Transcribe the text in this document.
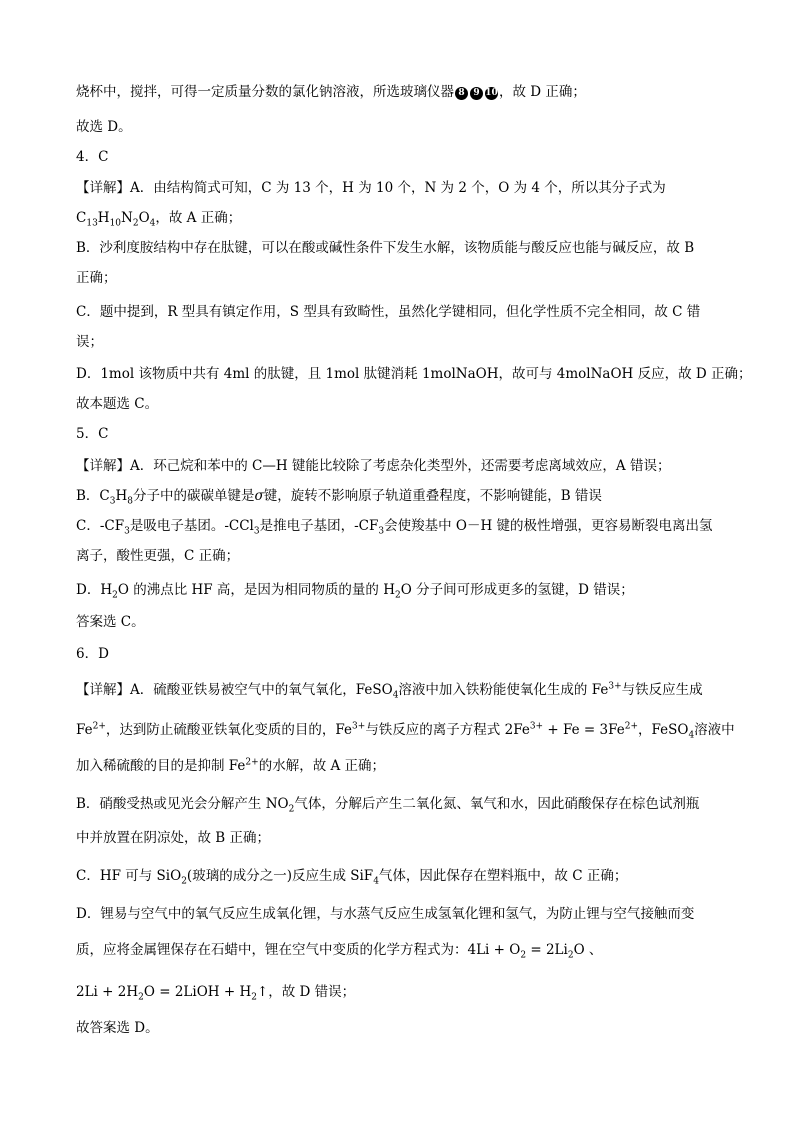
烧杯中，搅拌，可得一定质量分数的氯化钠溶液，所选玻璃仪器 8 9 10，故 D 正确；
故选 D。
4．C
【详解】A．由结构简式可知，C 为 13 个，H 为 10 个，N 为 2 个，O 为 4 个，所以其分子式为
$C_{13}H_{10}N_2O_4$，故 A 正确；
B．沙利度胺结构中存在肽键，可以在酸或碱性条件下发生水解，该物质能与酸反应也能与碱反应，故 B
正确；
C．题中提到，R 型具有镇定作用，S 型具有致畸性，虽然化学键相同，但化学性质不完全相同，故 C 错
误；
D．1mol 该物质中共有 4ml 的肽键，且 1mol 肽键消耗 1molNaOH，故可与 4molNaOH 反应，故 D 正确；
故本题选 C。
5．C
【详解】A．环己烷和苯中的 C—H 键能比较除了考虑杂化类型外，还需要考虑离域效应，A 错误；
B．$C_3H_8$分子中的碳碳单键是σ键，旋转不影响原子轨道重叠程度，不影响键能，B 错误
C．$-CF_3$是吸电子基团。-CCl$_3$是推电子基团，$-CF_3$会使羧基中 O－H 键的极性增强，更容易断裂电离出氢
离子，酸性更强，C 正确；
D．$H_2O$ 的沸点比 HF 高，是因为相同物质的量的 $H_2O$ 分子间可形成更多的氢键，D 错误；
答案选 C。
6．D
【详解】A．硫酸亚铁易被空气中的氧气氧化，FeSO$_4$溶液中加入铁粉能使氧化生成的 $Fe^{3+}$与铁反应生成
$Fe^{2+}$，达到防止硫酸亚铁氧化变质的目的，$Fe^{3+}$与铁反应的离子方程式 $2Fe^{3+} + Fe = 3Fe^{2+}$，FeSO$_4$溶液中
加入稀硫酸的目的是抑制 $Fe^{2+}$的水解，故 A 正确；
B．硝酸受热或见光会分解产生 $NO_2$气体，分解后产生二氧化氮、氧气和水，因此硝酸保存在棕色试剂瓶
中并放置在阴凉处，故 B 正确；
C．HF 可与 SiO$_2$(玻璃的成分之一)反应生成 SiF$_4$气体，因此保存在塑料瓶中，故 C 正确；
D．锂易与空气中的氧气反应生成氧化锂，与水蒸气反应生成氢氧化锂和氢气，为防止锂与空气接触而变
质，应将金属锂保存在石蜡中，锂在空气中变质的化学方程式为：$4Li + O_2 = 2Li_2O$ 、
$2Li + 2H_2O$ = 2LiOH + $H_2↑$，故 D 错误；
故答案选 D。
